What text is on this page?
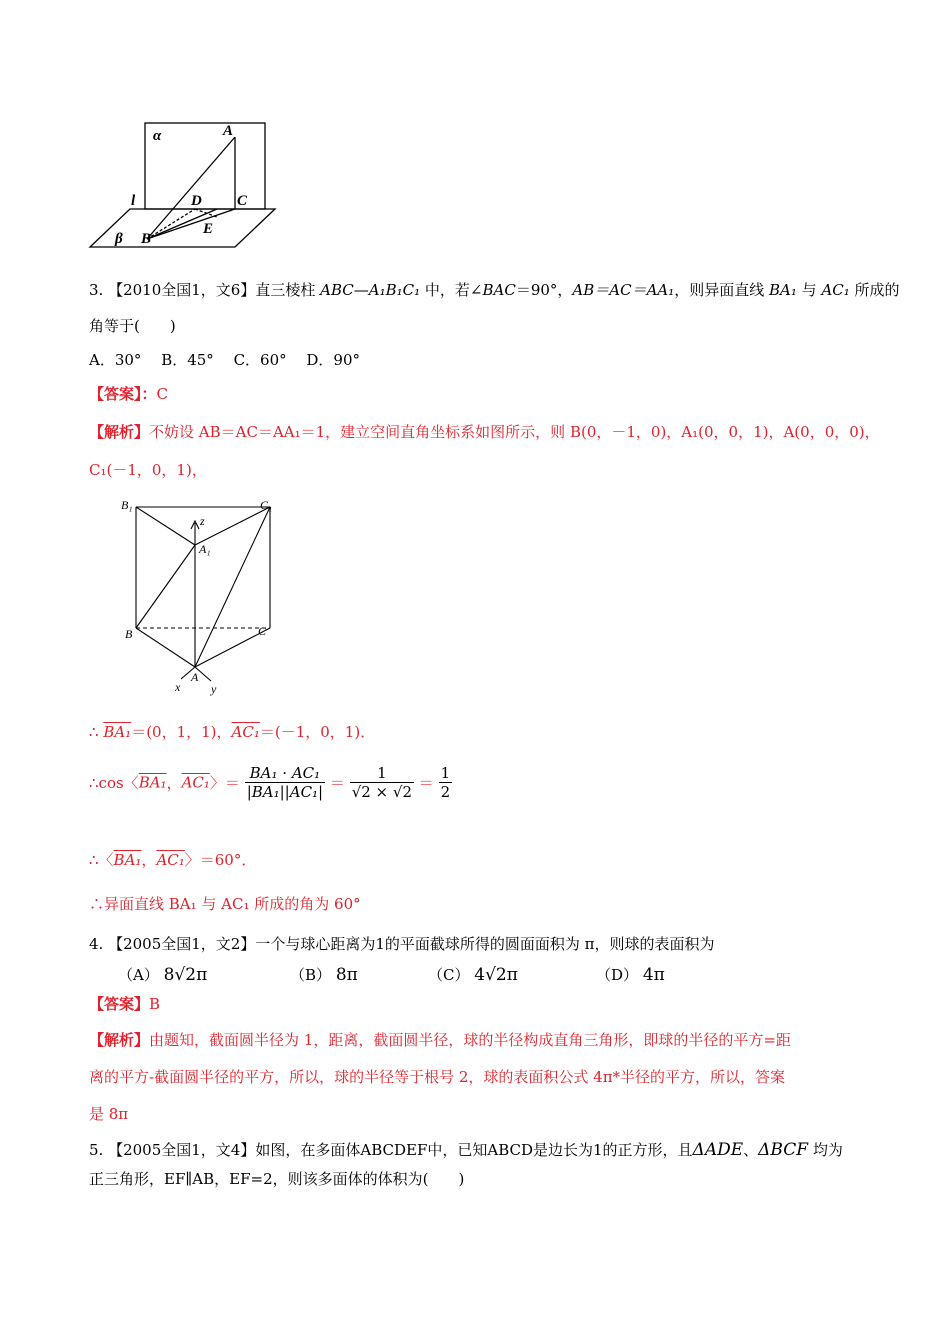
α	A
l	D C
β B
E
3. 【2010全国1，文6】直三棱柱 ABC—A₁B₁C₁ 中，若∠BAC＝90°，AB＝AC＝AA₁，则异面直线 BA₁ 与 AC₁ 所成的
角等于(　　)
A．30°　 B．45°　 C．60°　 D．90°
【答案】：C
【解析】不妨设 AB＝AC＝AA₁＝1，建立空间直角坐标系如图所示，则 B(0，－1，0)，A₁(0，0，1)，A(0，0，0)，
C₁(－1，0，1)，
B₁	C₁
z
A₁
B	C
A
x	y
∴ BA₁＝(0，1，1)，AC₁＝(－1，0，1)．
∴cos〈BA₁，AC₁〉＝ $\frac{\text{BA₁ · AC₁}}{\text{|BA₁||AC₁|}} = \frac{1}{√2 \times √2} = \frac{1}{2}$
∴〈BA₁，AC₁〉＝60°．
∴异面直线 BA₁ 与 AC₁ 所成的角为 60°
4. 【2005全国1，文2】一个与球心距离为1的平面截球所得的圆面面积为 π，则球的表面积为
（A） 8√2π	（B） 8π	（C） 4√2π	（D） 4π
【答案】B
【解析】由题知，截面圆半径为 1，距离，截面圆半径，球的半径构成直角三角形，即球的半径的平方=距
离的平方-截面圆半径的平方，所以，球的半径等于根号 2，球的表面积公式 4π*半径的平方，所以，答案
是 8π
5. 【2005全国1，文4】如图，在多面体ABCDEF中，已知ABCD是边长为1的正方形，且ΔADE、ΔBCF 均为
正三角形，EF∥AB，EF=2，则该多面体的体积为(　　)
